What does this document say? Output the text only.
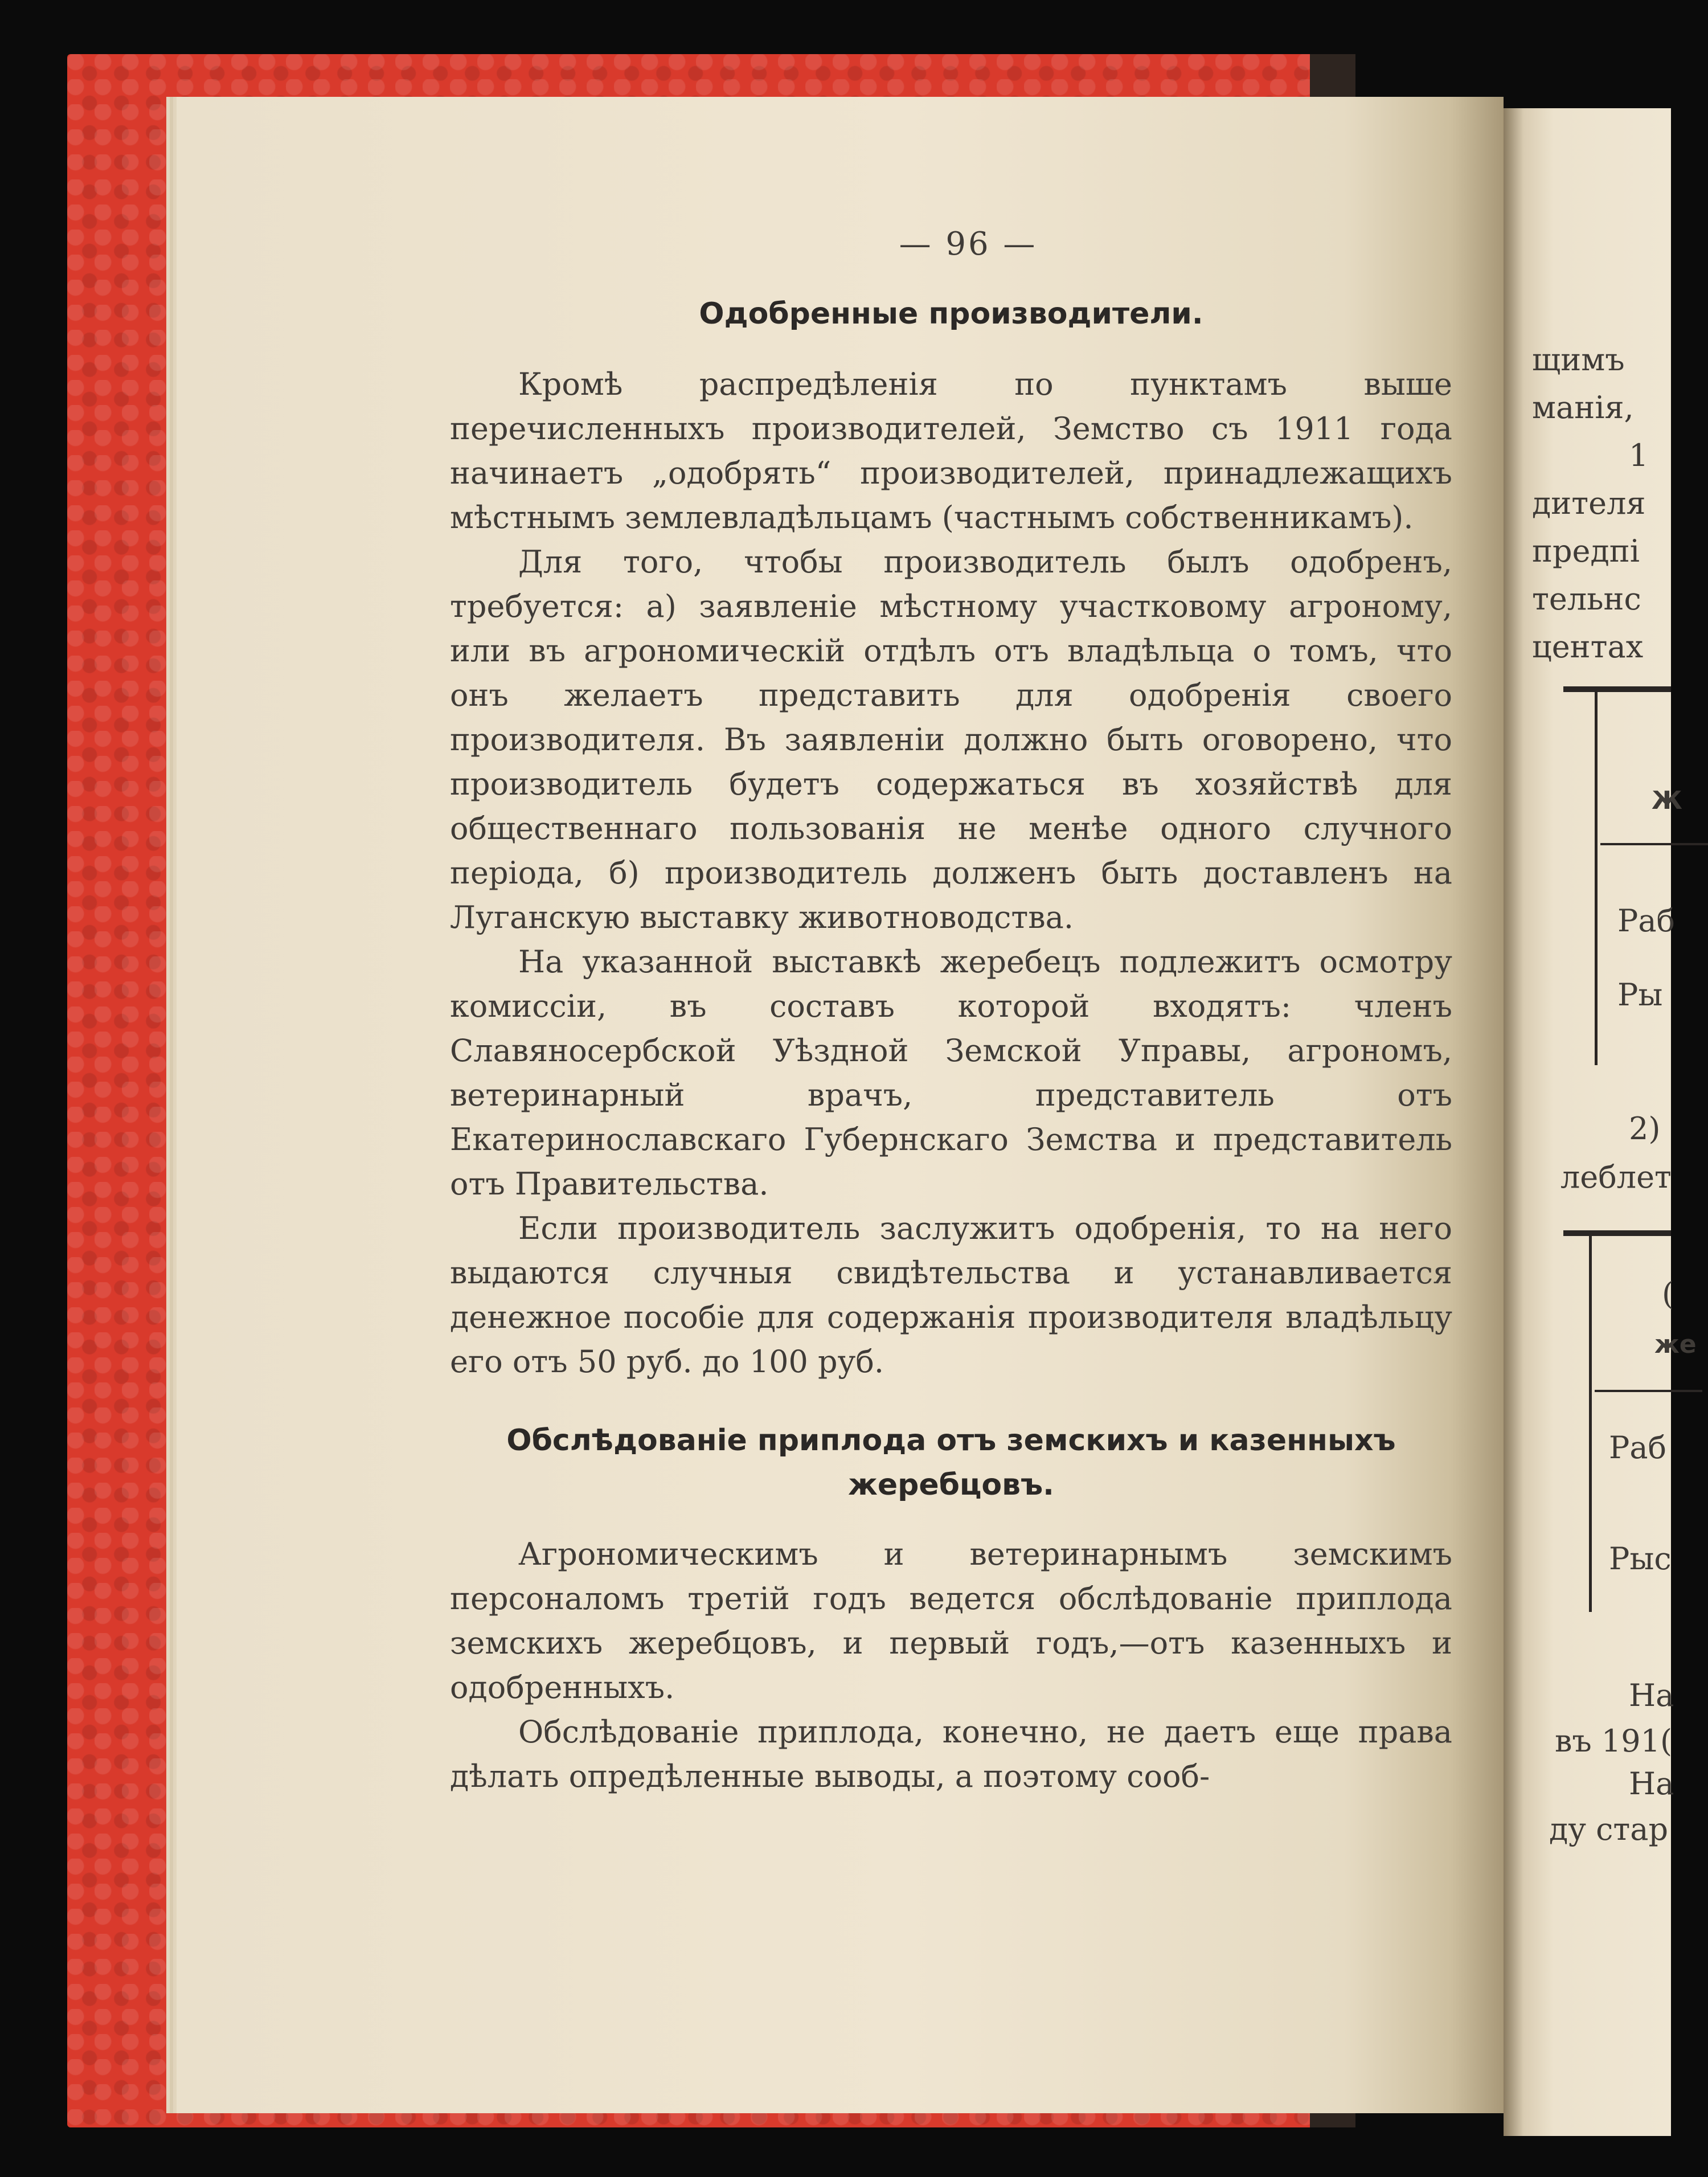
— 96 —
Одобренные производители.

Кромѣ распредѣленія по пунктамъ выше перечисленныхъ производителей, Земство съ 1911 года начинаетъ „одобрять“ производителей, принадлежащихъ мѣстнымъ землевладѣльцамъ (частнымъ собственникамъ).

Для того, чтобы производитель былъ одобренъ, требуется: а) заявленіе мѣстному участковому агроному, или въ агрономическій отдѣлъ отъ владѣльца о томъ, что онъ желаетъ представить для одобренія своего производителя. Въ заявленіи должно быть оговорено, что производитель будетъ содержаться въ хозяйствѣ для общественнаго пользованія не менѣе одного случного періода, б) производитель долженъ быть доставленъ на Луганскую выставку животноводства.

На указанной выставкѣ жеребецъ подлежитъ осмотру комиссіи, въ составъ которой входятъ: членъ Славяносербской Уѣздной Земской Управы, агрономъ, ветеринарный врачъ, представитель отъ Екатеринославскаго Губернскаго Земства и представитель отъ Правительства.

Если производитель заслужитъ одобренія, то на него выдаются случныя свидѣтельства и устанавливается денежное пособіе для содержанія производителя владѣльцу его отъ 50 руб. до 100 руб.

Обслѣдованіе приплода отъ земскихъ и казенныхъ
жеребцовъ.

Агрономическимъ и ветеринарнымъ земскимъ персоналомъ третій годъ ведется обслѣдованіе приплода земскихъ жеребцовъ, и первый годъ,—отъ казенныхъ и одобренныхъ.

Обслѣдованіе приплода, конечно, не даетъ еще права дѣлать опредѣленные выводы, а поэтому сооб-

щимъ
манія,
1
дителя
предпі
тельнс
центах
Ж
Раб
Ры
2)
леблет
(
же
Раб
Рыс
На
въ 191(
На
ду стар
